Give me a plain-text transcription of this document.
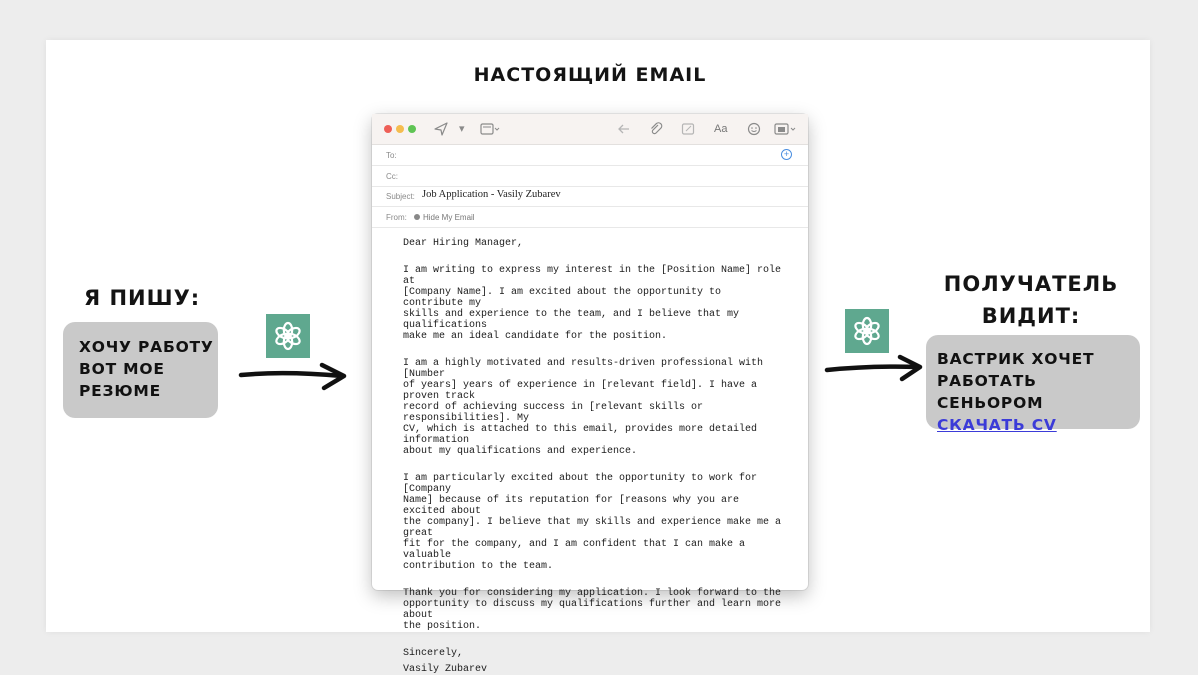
НАСТОЯЩИЙ EMAIL
Я ПИШУ:
ПОЛУЧАТЕЛЬ
ВИДИТ:
ХОЧУ РАБОТУ
ВОТ МОЕ
РЕЗЮМЕ
ВАСТРИК ХОЧЕТ
РАБОТАТЬ СЕНЬОРОМ
СКАЧАТЬ CV
▾	Aa
To:	+
Cc:
Subject: Job Application - Vasily Zubarev
From:	Hide My Email

Dear Hiring Manager,

I am writing to express my interest in the [Position Name] role at

[Company Name]. I am excited about the opportunity to contribute my

skills and experience to the team, and I believe that my qualifications

make me an ideal candidate for the position.

I am a highly motivated and results-driven professional with [Number

of years] years of experience in [relevant field]. I have a proven track

record of achieving success in [relevant skills or responsibilities]. My

CV, which is attached to this email, provides more detailed information

about my qualifications and experience.

I am particularly excited about the opportunity to work for [Company

Name] because of its reputation for [reasons why you are excited about

the company]. I believe that my skills and experience make me a great

fit for the company, and I am confident that I can make a valuable

contribution to the team.

Thank you for considering my application. I look forward to the

opportunity to discuss my qualifications further and learn more about

the position.

Sincerely,

Vasily Zubarev
